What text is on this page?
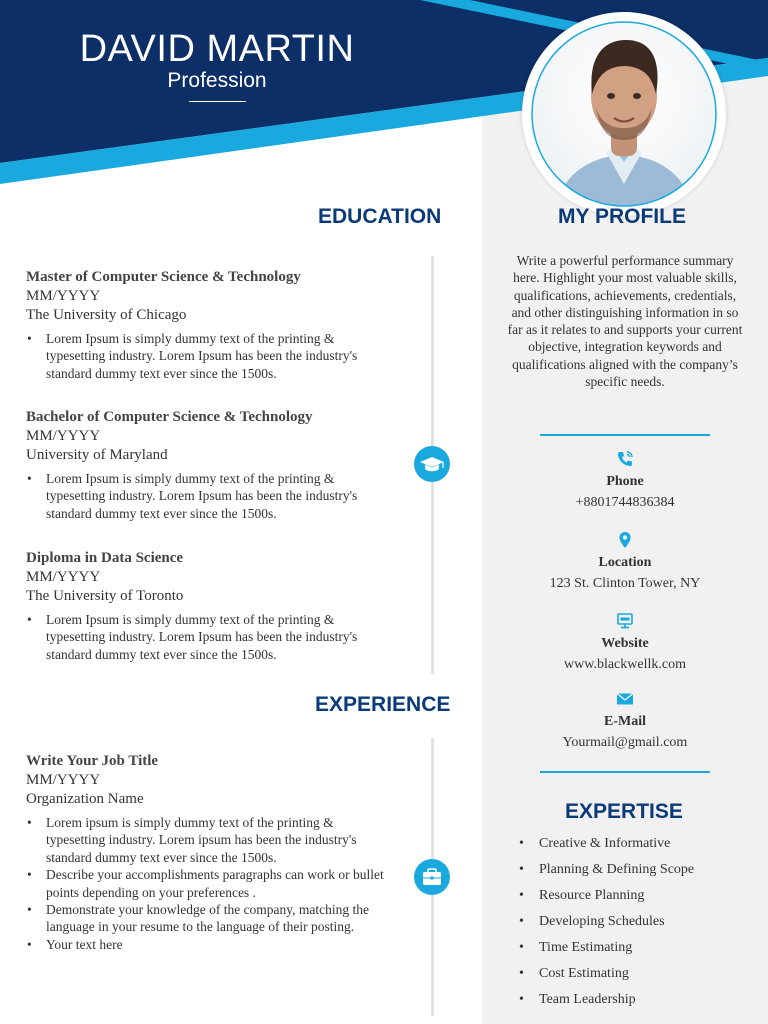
DAVID MARTIN
Profession
EDUCATION
Master of Computer Science & Technology
MM/YYYY
The University of Chicago
• Lorem Ipsum is simply dummy text of the printing & typesetting industry. Lorem Ipsum has been the industry's standard dummy text ever since the 1500s.
Bachelor of Computer Science & Technology
MM/YYYY
University of Maryland
• Lorem Ipsum is simply dummy text of the printing & typesetting industry. Lorem Ipsum has been the industry's standard dummy text ever since the 1500s.
Diploma in Data Science
MM/YYYY
The University of Toronto
• Lorem Ipsum is simply dummy text of the printing & typesetting industry. Lorem Ipsum has been the industry's standard dummy text ever since the 1500s.
EXPERIENCE
Write Your Job Title
MM/YYYY
Organization Name
• Lorem ipsum is simply dummy text of the printing & typesetting industry. Lorem ipsum has been the industry's standard dummy text ever since the 1500s.
• Describe your accomplishments paragraphs can work or bullet points depending on your preferences .
• Demonstrate your knowledge of the company, matching the language in your resume to the language of their posting.
• Your text here
MY PROFILE
Write a powerful performance summary here. Highlight your most valuable skills, qualifications, achievements, credentials, and other distinguishing information in so far as it relates to and supports your current objective, integration keywords and qualifications aligned with the company’s specific needs.
Phone
+8801744836384
Location
123 St. Clinton Tower, NY
Website
www.blackwellk.com
E-Mail
Yourmail@gmail.com
EXPERTISE
• Creative & Informative
• Planning & Defining Scope
• Resource Planning
• Developing Schedules
• Time Estimating
• Cost Estimating
• Team Leadership
